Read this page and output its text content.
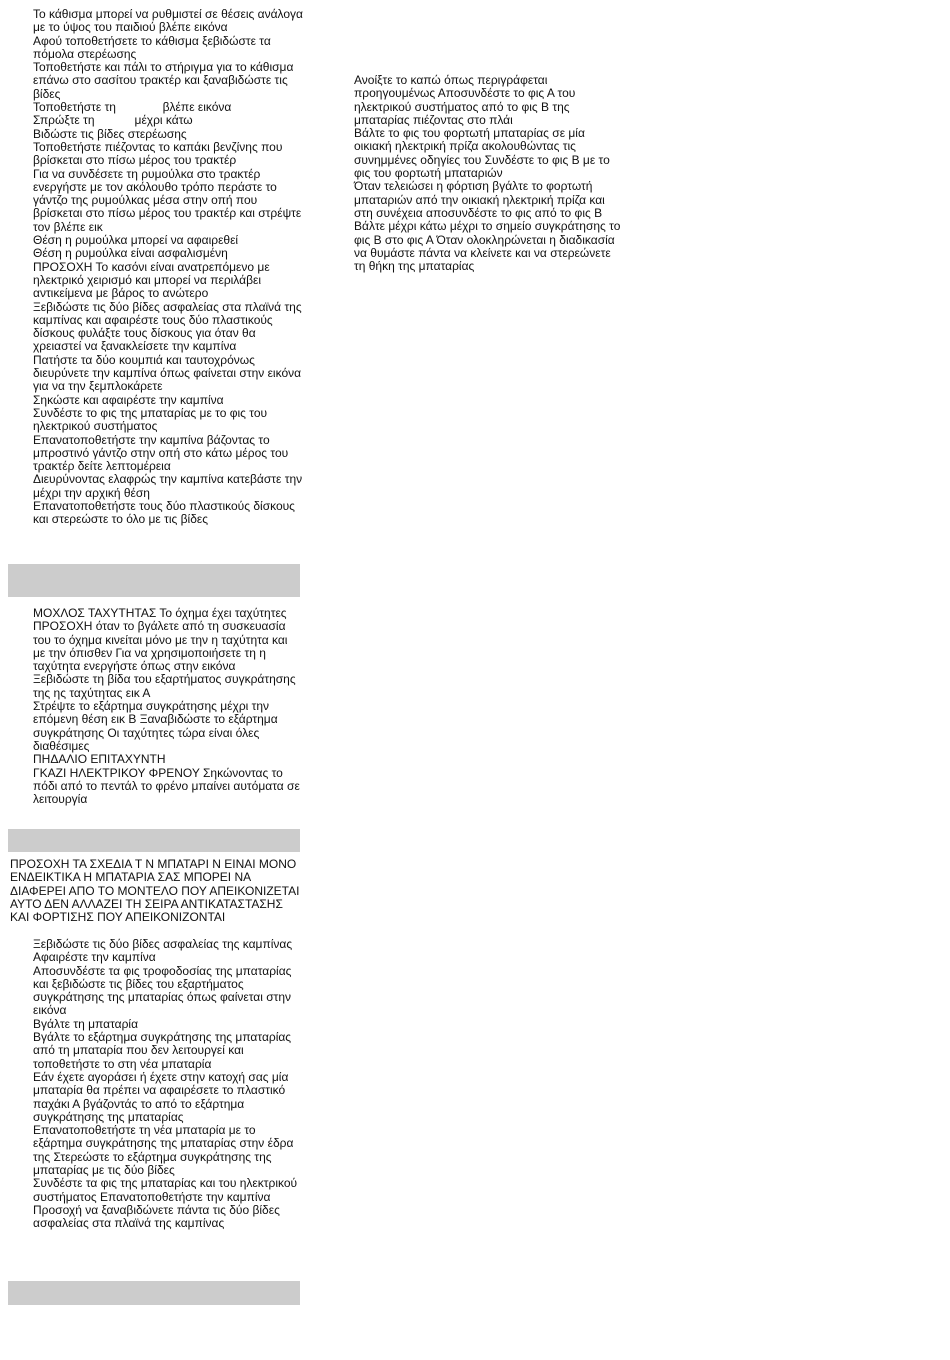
Το κάθισμα μπορεί να ρυθμιστεί σε θέσεις ανάλογα με το ύψος του παιδιού βλέπε εικόνα

Αφού τοποθετήσετε το κάθισμα ξεβιδώστε τα πόμολα στερέωσης

Τοποθετήστε και πάλι το στήριγμα για το κάθισμα επάνω στο σασίτου τρακτέρ και ξαναβιδώστε τις βίδες

Τοποθετήστε τη              βλέπε εικόνα

Σπρώξτε τη            μέχρι κάτω

Βιδώστε τις βίδες στερέωσης

Τοποθετήστε πιέζοντας το καπάκι βενζίνης που βρίσκεται στο πίσω μέρος του τρακτέρ

Για να συνδέσετε τη ρυμούλκα στο τρακτέρ ενεργήστε με τον ακόλουθο τρόπο περάστε το γάντζο της ρυμούλκας μέσα στην οπή που βρίσκεται στο πίσω μέρος του τρακτέρ και στρέψτε τον βλέπε εικ

Θέση η ρυμούλκα μπορεί να αφαιρεθεί

Θέση η ρυμούλκα είναι ασφαλισμένη

ΠΡΟΣΟΧΗ Το κασόνι είναι ανατρεπόμενο με ηλεκτρικό χειρισμό και μπορεί να περιλάβει αντικείμενα με βάρος το ανώτερο

Ξεβιδώστε τις δύο βίδες ασφαλείας στα πλαϊνά της καμπίνας και αφαιρέστε τους δύο πλαστικούς δίσκους φυλάξτε τους δίσκους για όταν θα χρειαστεί να ξανακλείσετε την καμπίνα

Πατήστε τα δύο κουμπιά και ταυτοχρόνως διευρύνετε την καμπίνα όπως φαίνεται στην εικόνα για να την ξεμπλοκάρετε

Σηκώστε και αφαιρέστε την καμπίνα

Συνδέστε το φις της μπαταρίας με το φις του ηλεκτρικού συστήματος

Επανατοποθετήστε την καμπίνα βάζοντας το μπροστινό γάντζο στην οπή στο κάτω μέρος του τρακτέρ δείτε λεπτομέρεια

Διευρύνοντας ελαφρώς την καμπίνα κατεβάστε την μέχρι την αρχική θέση

Επανατοποθετήστε τους δύο πλαστικούς δίσκους και στερεώστε το όλο με τις βίδες

Ανοίξτε το καπώ όπως περιγράφεται προηγουμένως Αποσυνδέστε το φις Α του ηλεκτρικού συστήματος από το φις Β της μπαταρίας πιέζοντας στο πλάι

Βάλτε το φις του φορτωτή μπαταρίας σε μία οικιακή ηλεκτρική πρίζα ακολουθώντας τις συνημμένες οδηγίες του Συνδέστε το φις Β με το φις του φορτωτή μπαταριών

Όταν τελειώσει η φόρτιση βγάλτε το φορτωτή μπαταριών από την οικιακή ηλεκτρική πρίζα και στη συνέχεια αποσυνδέστε το φις από το φις Β

Βάλτε μέχρι κάτω μέχρι το σημείο συγκράτησης το φις Β στο φις Α Όταν ολοκληρώνεται η διαδικασία να θυμάστε πάντα να κλείνετε και να στερεώνετε τη θήκη της μπαταρίας

ΜΟΧΛΟΣ ΤΑΧΥΤΗΤΑΣ Το όχημα έχει ταχύτητες ΠΡΟΣΟΧΗ όταν το βγάλετε από τη συσκευασία του το όχημα κινείται μόνο με την η ταχύτητα και με την όπισθεν Για να χρησιμοποιήσετε τη η ταχύτητα ενεργήστε όπως στην εικόνα

Ξεβιδώστε τη βίδα του εξαρτήματος συγκράτησης της ης ταχύτητας εικ Α

Στρέψτε το εξάρτημα συγκράτησης μέχρι την επόμενη θέση εικ Β Ξαναβιδώστε το εξάρτημα συγκράτησης Οι ταχύτητες τώρα είναι όλες διαθέσιμες

ΠΗΔΑΛΙΟ ΕΠΙΤΑΧΥΝΤΗ

ΓΚΑΖΙ ΗΛΕΚΤΡΙΚΟΥ ΦΡΕΝΟΥ Σηκώνοντας το πόδι από το πεντάλ το φρένο μπαίνει αυτόματα σε λειτουργία

ΠΡΟΣΟΧΗ ΤΑ ΣΧΕΔΙΑ Τ Ν ΜΠΑΤΑΡΙ Ν ΕΙΝΑΙ ΜΟΝΟ ΕΝΔΕΙΚΤΙΚΑ Η ΜΠΑΤΑΡΙΑ ΣΑΣ ΜΠΟΡΕΙ ΝΑ ΔΙΑΦΕΡΕΙ ΑΠΟ ΤΟ ΜΟΝΤΕΛΟ ΠΟΥ ΑΠΕΙΚΟΝΙΖΕΤΑΙ ΑΥΤΟ ΔΕΝ ΑΛΛΑΖΕΙ ΤΗ ΣΕΙΡΑ ΑΝΤΙΚΑΤΑΣΤΑΣΗΣ ΚΑΙ ΦΟΡΤΙΣΗΣ ΠΟΥ ΑΠΕΙΚΟΝΙΖΟΝΤΑΙ

Ξεβιδώστε τις δύο βίδες ασφαλείας της καμπίνας Αφαιρέστε την καμπίνα

Αποσυνδέστε τα φις τροφοδοσίας της μπαταρίας και ξεβιδώστε τις βίδες του εξαρτήματος συγκράτησης της μπαταρίας όπως φαίνεται στην εικόνα

Βγάλτε τη μπαταρία

Βγάλτε το εξάρτημα συγκράτησης της μπαταρίας από τη μπαταρία που δεν λειτουργεί και τοποθετήστε το στη νέα μπαταρία

Εάν έχετε αγοράσει ή έχετε στην κατοχή σας μία μπαταρία θα πρέπει να αφαιρέσετε το πλαστικό παχάκι Α βγάζοντάς το από το εξάρτημα συγκράτησης της μπαταρίας

Επανατοποθετήστε τη νέα μπαταρία με το εξάρτημα συγκράτησης της μπαταρίας στην έδρα της Στερεώστε το εξάρτημα συγκράτησης της μπαταρίας με τις δύο βίδες

Συνδέστε τα φις της μπαταρίας και του ηλεκτρικού συστήματος Επανατοποθετήστε την καμπίνα Προσοχή να ξαναβιδώνετε πάντα τις δύο βίδες ασφαλείας στα πλαϊνά της καμπίνας
